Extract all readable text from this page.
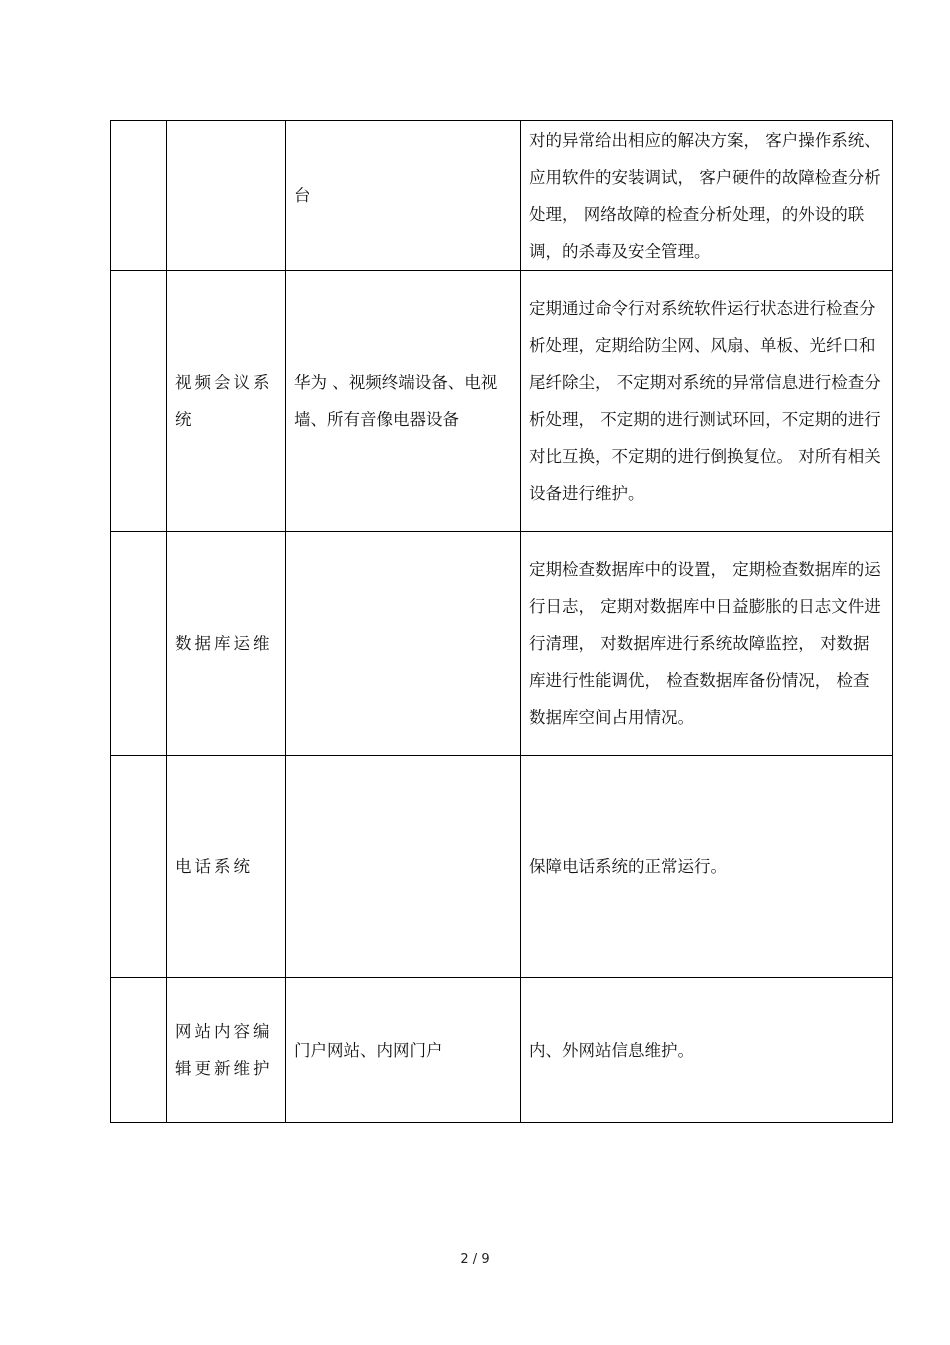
		台	对的异常给出相应的解决方案， 客户操作系统、应用软件的安装调试， 客户硬件的故障检查分析处理， 网络故障的检查分析处理，的外设的联调，的杀毒及安全管理。
	视频会议系统	华为 、视频终端设备、电视墙、所有音像电器设备	定期通过命令行对系统软件运行状态进行检查分析处理，定期给防尘网、风扇、单板、光纤口和尾纤除尘， 不定期对系统的异常信息进行检查分析处理， 不定期的进行测试环回，不定期的进行对比互换，不定期的进行倒换复位。 对所有相关设备进行维护。
	数据库运维		定期检查数据库中的设置， 定期检查数据库的运行日志， 定期对数据库中日益膨胀的日志文件进行清理， 对数据库进行系统故障监控， 对数据库进行性能调优， 检查数据库备份情况， 检查数据库空间占用情况。
	电话系统		保障电话系统的正常运行。
	网站内容编辑更新维护	门户网站、内网门户	内、外网站信息维护。
2 / 9
